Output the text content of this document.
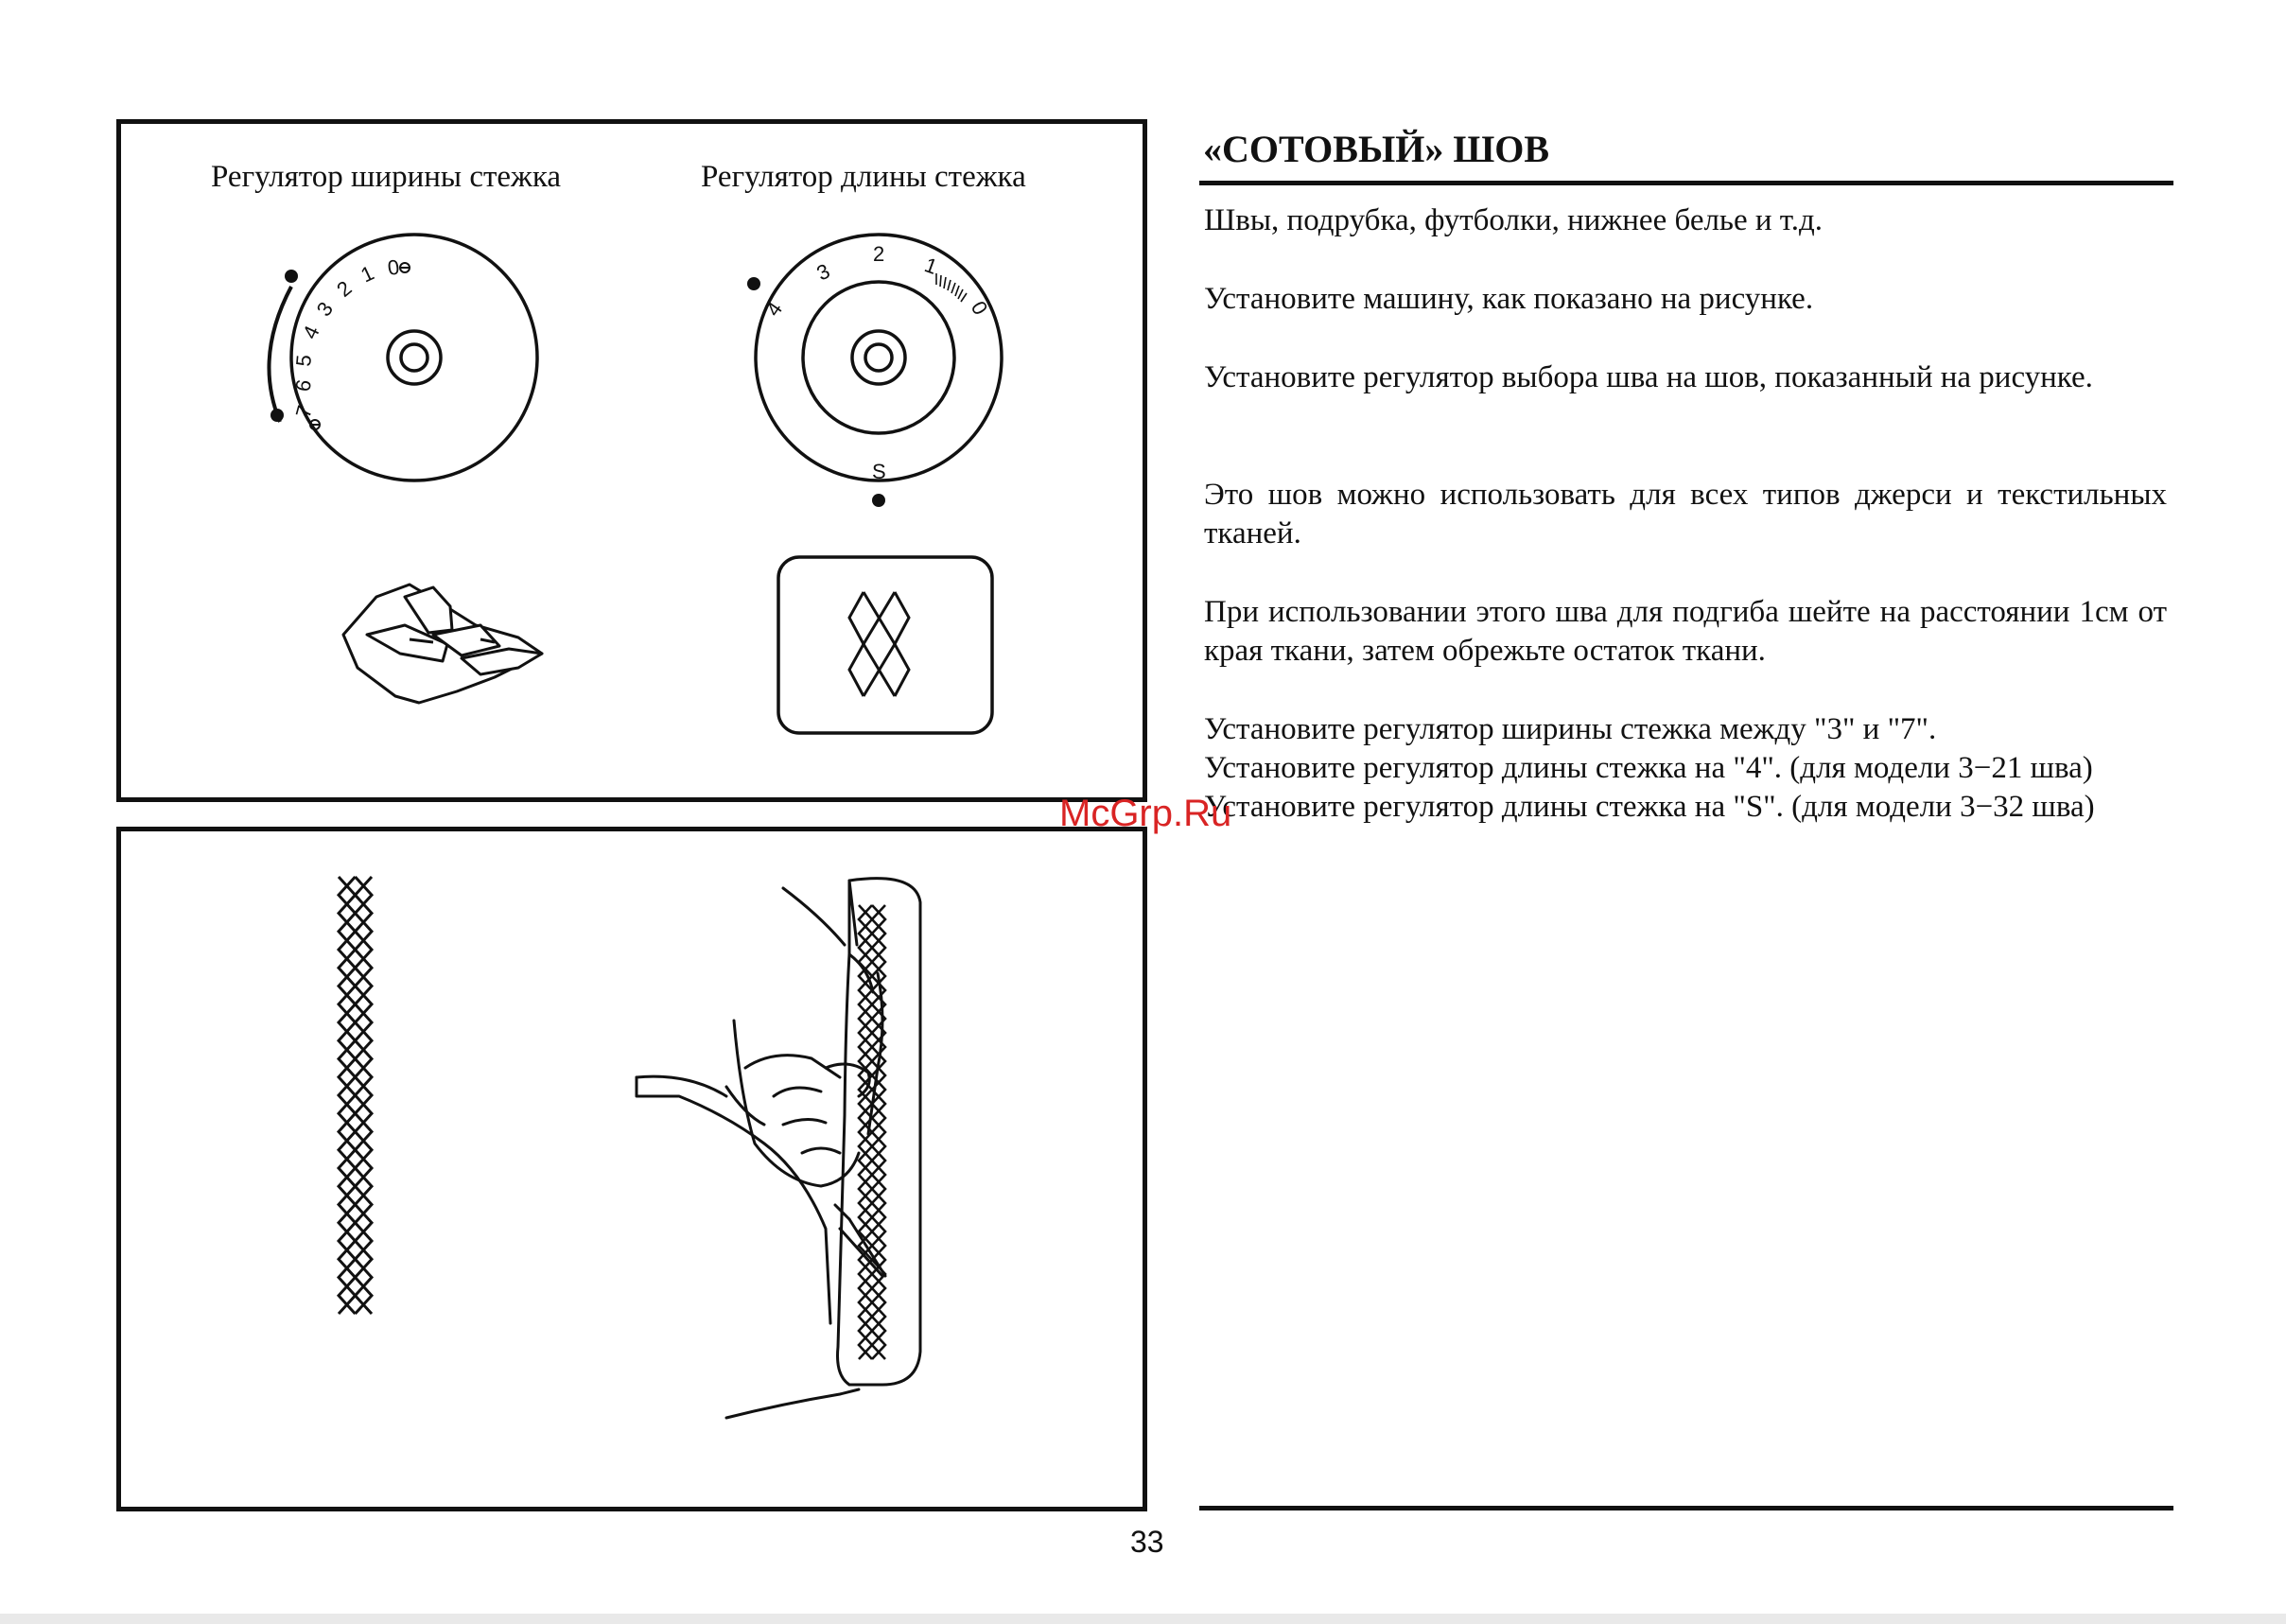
Регулятор ширины стежка	Регулятор длины стежка
7
6
5
4
3
2
1 0
4
3
2 1
0
S
«СОТОВЫЙ» ШОВ

Швы, подрубка, футболки, нижнее белье и т.д.

Установите машину, как показано на рисунке.

Установите регулятор выбора шва на шов, показанный на рисунке.

Это шов можно использовать для всех типов джерси и текстильных тканей.

При использовании этого шва для подгиба шейте на расстоянии 1см от края ткани, затем обрежьте остаток ткани.

Установите регулятор ширины стежка между "3" и "7".

Установите регулятор длины стежка на "4". (для модели 3−21 шва)

Установите регулятор длины стежка на "S". (для модели 3−32 шва)

McGrp.Ru
33
